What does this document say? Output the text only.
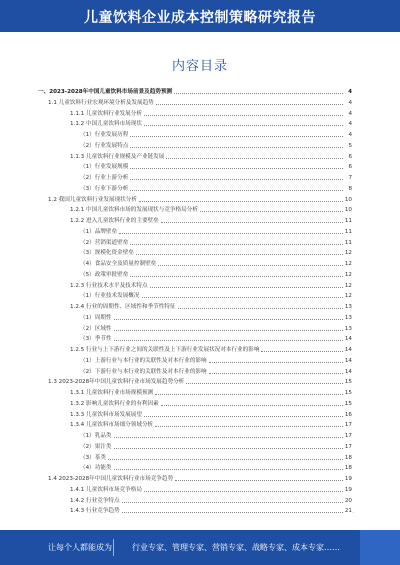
儿童饮料企业成本控制策略研究报告
内容目录
一、2023-2028年中国儿童饮料市场前景及趋势预测	4
1.1 儿童饮料行业宏观环境分析及发展趋势	4
1.1.1 儿童饮料行业发展分析	4
1.1.2 中国儿童饮料市场现状	4
（1）行业发展历程	4
（2）行业发展特点	5
1.1.3 儿童饮料行业规模及产业链发展	6
（1）行业发展规模	6
（2）行业上游分析	7
（3）行业下游分析	8
1.2 我国儿童饮料行业发展现状分析	10
1.2.1 中国儿童饮料市场的发展现状与竞争格局分析	10
1.2.2 进入儿童饮料行业的主要壁垒	11
（1）品牌壁垒	11
（2）营销渠道壁垒	11
（3）规模化资金壁垒	12
（4）食品安全及质量控制壁垒	12
（5）政策审批壁垒	12
1.2.3 行业技术水平及技术特点	12
（1）行业技术发展概况	12
1.2.4 行业的周期性、区域性和季节性特征	13
（1）周期性	13
（2）区域性	13
（3）季节性	14
1.2.5 行业与上下游行业之间的关联性及上下游行业发展状况对本行业的影响	14
（1）上游行业与本行业的关联性及对本行业的影响	14
（2）下游行业与本行业的关联性及对本行业的影响	14
1.3 2023-2028年中国儿童饮料行业市场发展趋势分析	15
1.3.1 儿童饮料行业市场规模预测	15
1.3.2 影响儿童饮料行业的有利因素	15
1.3.3 儿童饮料市场发展展望	16
1.3.4 儿童饮料市场细分领域分析	17
（1）乳品类	17
（2）果汁类	17
（3）茶类	18
（4）功能类	18
1.4 2023-2028年中国儿童饮料行业市场竞争趋势	19
1.4.1 儿童饮料市场竞争格局	19
1.4.2 行业竞争特点	20
1.4.3 行业竞争趋势	21 ·
让每个人都能成为	行业专家、管理专家、营销专家、战略专家、成本专家……
